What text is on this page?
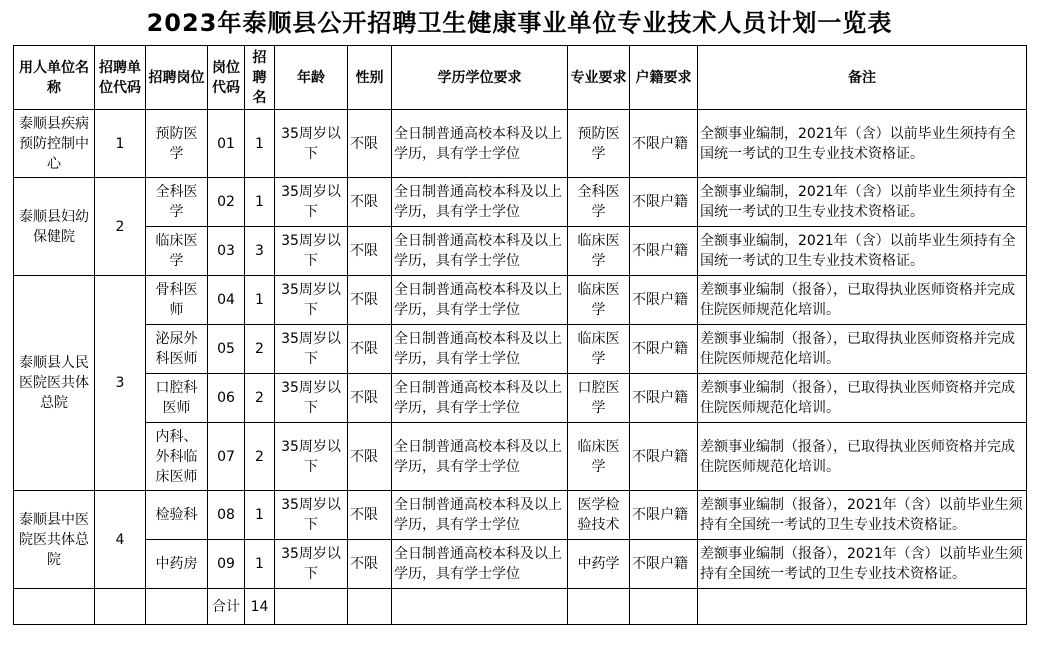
2023年泰顺县公开招聘卫生健康事业单位专业技术人员计划一览表
用人单位名称	招聘单位代码	招聘岗位	岗位代码	招聘名	年龄	性别	学历学位要求	专业要求	户籍要求	备注
泰顺县疾病预防控制中心	1	预防医学	01	1	35周岁以下	不限	全日制普通高校本科及以上学历，具有学士学位	预防医学	不限户籍	全额事业编制，2021年（含）以前毕业生须持有全国统一考试的卫生专业技术资格证。
泰顺县妇幼保健院	2	全科医学	02	1	35周岁以下	不限	全日制普通高校本科及以上学历，具有学士学位	全科医学	不限户籍	全额事业编制，2021年（含）以前毕业生须持有全国统一考试的卫生专业技术资格证。
		临床医学	03	3	35周岁以下	不限	全日制普通高校本科及以上学历，具有学士学位	临床医学	不限户籍	全额事业编制，2021年（含）以前毕业生须持有全国统一考试的卫生专业技术资格证。
泰顺县人民医院医共体总院	3	骨科医师	04	1	35周岁以下	不限	全日制普通高校本科及以上学历，具有学士学位	临床医学	不限户籍	差额事业编制（报备），已取得执业医师资格并完成住院医师规范化培训。
		泌尿外科医师	05	2	35周岁以下	不限	全日制普通高校本科及以上学历，具有学士学位	临床医学	不限户籍	差额事业编制（报备），已取得执业医师资格并完成住院医师规范化培训。
		口腔科医师	06	2	35周岁以下	不限	全日制普通高校本科及以上学历，具有学士学位	口腔医学	不限户籍	差额事业编制（报备），已取得执业医师资格并完成住院医师规范化培训。
		内科、外科临床医师	07	2	35周岁以下	不限	全日制普通高校本科及以上学历，具有学士学位	临床医学	不限户籍	差额事业编制（报备），已取得执业医师资格并完成住院医师规范化培训。
泰顺县中医院医共体总院	4	检验科	08	1	35周岁以下	不限	全日制普通高校本科及以上学历，具有学士学位	医学检验技术	不限户籍	差额事业编制（报备），2021年（含）以前毕业生须持有全国统一考试的卫生专业技术资格证。

		中药房	09	1	35周岁以下	不限	全日制普通高校本科及以上学历，具有学士学位	中药学	不限户籍	差额事业编制（报备），2021年（含）以前毕业生须持有全国统一考试的卫生专业技术资格证。

			合计	14						
